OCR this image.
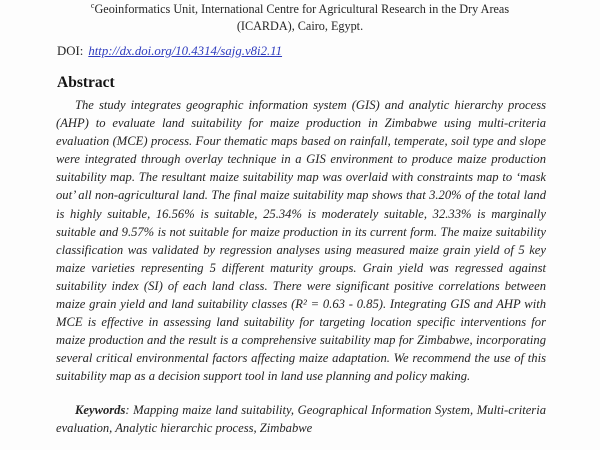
$^c$Geoinformatics Unit, International Centre for Agricultural Research in the Dry Areas (ICARDA), Cairo, Egypt.
DOI: http://dx.doi.org/10.4314/sajg.v8i2.11
Abstract

The study integrates geographic information system (GIS) and analytic hierarchy process (AHP) to evaluate land suitability for maize production in Zimbabwe using multi-criteria evaluation (MCE) process. Four thematic maps based on rainfall, temperate, soil type and slope were integrated through overlay technique in a GIS environment to produce maize production suitability map. The resultant maize suitability map was overlaid with constraints map to ‘mask out’ all non-agricultural land. The final maize suitability map shows that 3.20% of the total land is highly suitable, 16.56% is suitable, 25.34% is moderately suitable, 32.33% is marginally suitable and 9.57% is not suitable for maize production in its current form. The maize suitability classification was validated by regression analyses using measured maize grain yield of 5 key maize varieties representing 5 different maturity groups. Grain yield was regressed against suitability index (SI) of each land class. There were significant positive correlations between maize grain yield and land suitability classes (R² = 0.63 - 0.85). Integrating GIS and AHP with MCE is effective in assessing land suitability for targeting location specific interventions for maize production and the result is a comprehensive suitability map for Zimbabwe, incorporating several critical environmental factors affecting maize adaptation. We recommend the use of this suitability map as a decision support tool in land use planning and policy making.

Keywords: Mapping maize land suitability, Geographical Information System, Multi-criteria evaluation, Analytic hierarchic process, Zimbabwe
